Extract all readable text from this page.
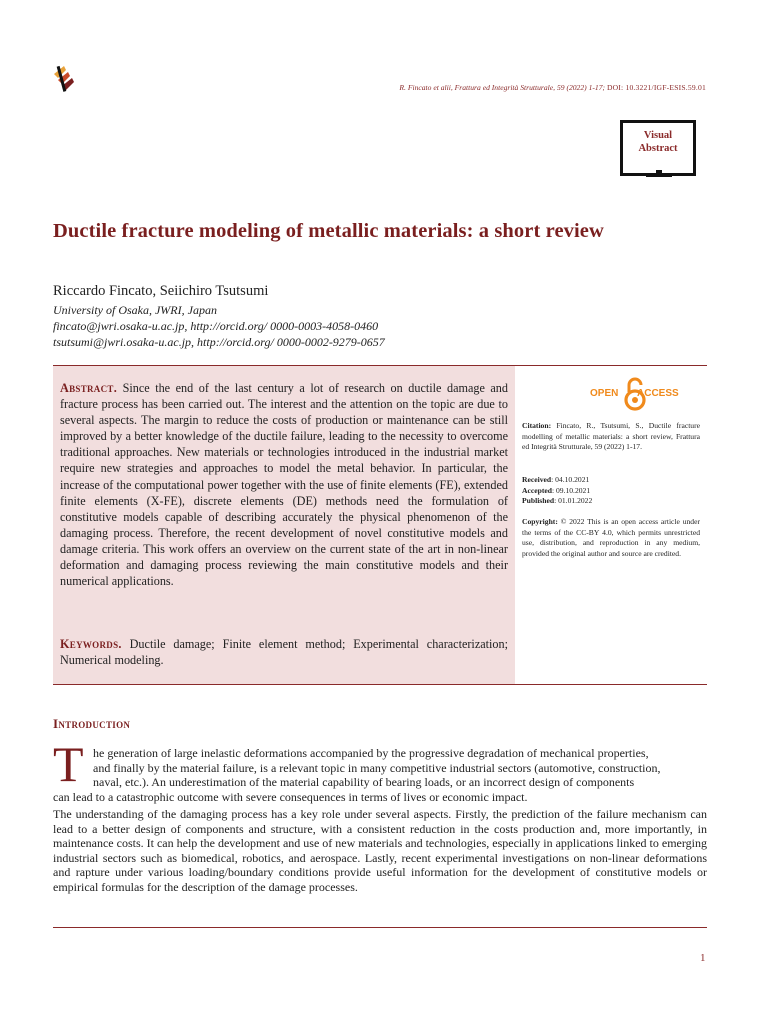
R. Fincato et alii, Frattura ed Integrità Strutturale, 59 (2022) 1-17; DOI: 10.3221/IGF-ESIS.59.01
Visual
Abstract
Ductile fracture modeling of metallic materials: a short review
Riccardo Fincato, Seiichiro Tsutsumi
University of Osaka, JWRI, Japan
fincato@jwri.osaka-u.ac.jp, http://orcid.org/ 0000-0003-4058-0460
tsutsumi@jwri.osaka-u.ac.jp, http://orcid.org/ 0000-0002-9279-0657

Abstract. Since the end of the last century a lot of research on ductile damage and fracture process has been carried out. The interest and the attention on the topic are due to several aspects. The margin to reduce the costs of production or maintenance can be still improved by a better knowledge of the ductile failure, leading to the necessity to overcome traditional approaches. New materials or technologies introduced in the industrial market require new strategies and approaches to model the metal behavior. In particular, the increase of the computational power together with the use of finite elements (FE), extended finite elements (X-FE), discrete elements (DE) methods need the formulation of constitutive models capable of describing accurately the physical phenomenon of the damaging process. Therefore, the recent development of novel constitutive models and damage criteria. This work offers an overview on the current state of the art in non-linear deformation and damaging process reviewing the main constitutive models and their numerical applications.

Keywords. Ductile damage; Finite element method; Experimental characterization; Numerical modeling.

OPEN ACCESS

Citation: Fincato, R., Tsutsumi, S., Ductile fracture modelling of metallic materials: a short review, Frattura ed Integrità Strutturale, 59 (2022) 1-17.

Received: 04.10.2021
Accepted: 09.10.2021
Published: 01.01.2022

Copyright: © 2022 This is an open access article under the terms of the CC-BY 4.0, which permits unrestricted use, distribution, and reproduction in any medium, provided the original author and source are credited.

Introduction
T he generation of large inelastic deformations accompanied by the progressive degradation of mechanical properties,
and finally by the material failure, is a relevant topic in many competitive industrial sectors (automotive, construction,
naval, etc.). An underestimation of the material capability of bearing loads, or an incorrect design of components
can lead to a catastrophic outcome with severe consequences in terms of lives or economic impact.

The understanding of the damaging process has a key role under several aspects. Firstly, the prediction of the failure mechanism can lead to a better design of components and structure, with a consistent reduction in the costs production and, more importantly, in maintenance costs. It can help the development and use of new materials and technologies, especially in applications linked to emerging industrial sectors such as biomedical, robotics, and aerospace. Lastly, recent experimental investigations on non-linear deformations and rapture under various loading/boundary conditions provide useful information for the development of constitutive models or empirical formulas for the description of the damage processes.

1
